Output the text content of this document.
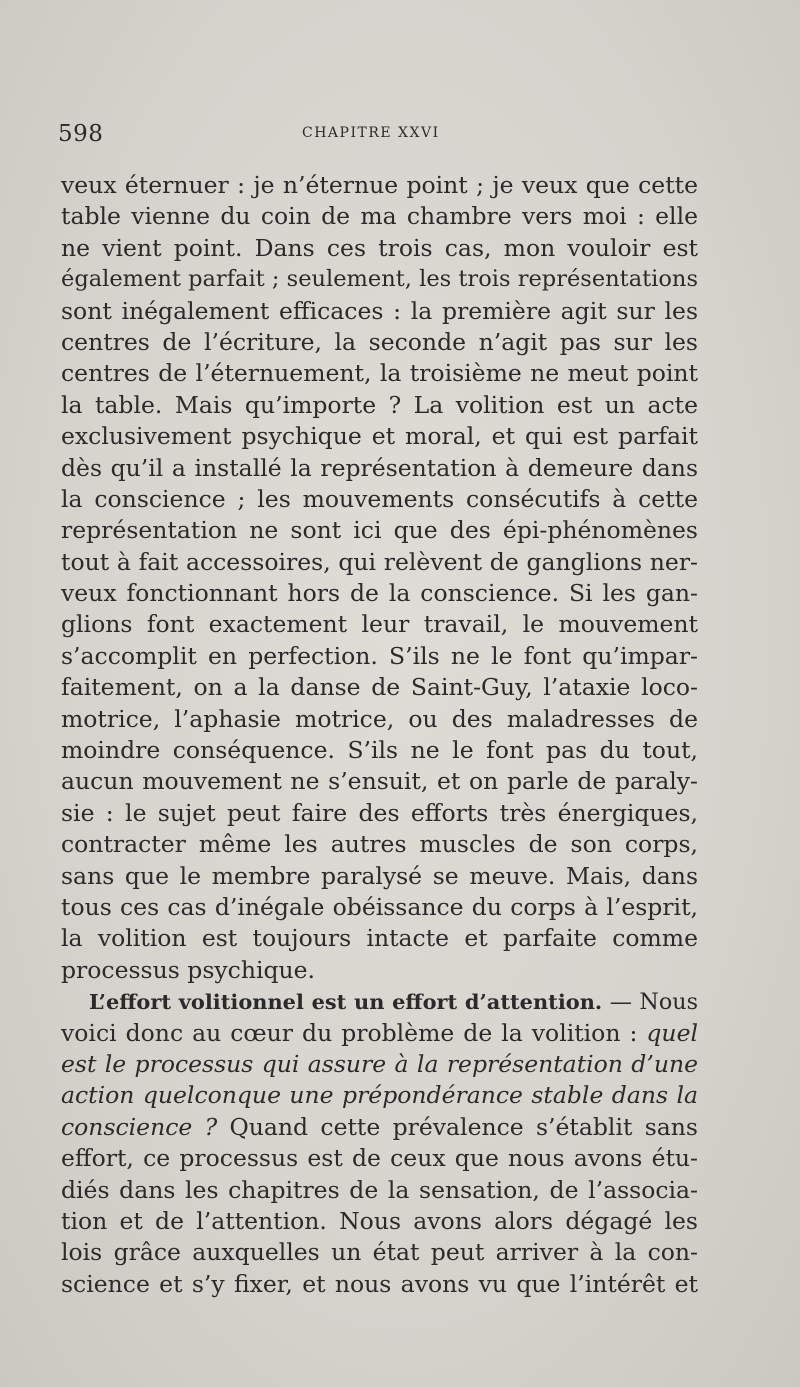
598	CHAPITRE XXVI
veux éternuer : je n’éternue point ; je veux que cette
table vienne du coin de ma chambre vers moi : elle
ne vient point. Dans ces trois cas, mon vouloir est
également parfait ; seulement, les trois représentations
sont inégalement efficaces : la première agit sur les
centres de l’écriture, la seconde n’agit pas sur les
centres de l’éternuement, la troisième ne meut point
la table. Mais qu’importe ? La volition est un acte
exclusivement psychique et moral, et qui est parfait
dès qu’il a installé la représentation à demeure dans
la conscience ; les mouvements consécutifs à cette
représentation ne sont ici que des épi-phénomènes
tout à fait accessoires, qui relèvent de ganglions ner-
veux fonctionnant hors de la conscience. Si les gan-
glions font exactement leur travail, le mouvement
s’accomplit en perfection. S’ils ne le font qu’impar-
faitement, on a la danse de Saint-Guy, l’ataxie loco-
motrice, l’aphasie motrice, ou des maladresses de
moindre conséquence. S’ils ne le font pas du tout,
aucun mouvement ne s’ensuit, et on parle de paraly-
sie : le sujet peut faire des efforts très énergiques,
contracter même les autres muscles de son corps,
sans que le membre paralysé se meuve. Mais, dans
tous ces cas d’inégale obéissance du corps à l’esprit,
la volition est toujours intacte et parfaite comme
processus psychique.
L’effort volitionnel est un effort d’attention. — Nous
voici donc au cœur du problème de la volition : quel
est le processus qui assure à la représentation d’une
action quelconque une prépondérance stable dans la
conscience ? Quand cette prévalence s’établit sans
effort, ce processus est de ceux que nous avons étu-
diés dans les chapitres de la sensation, de l’associa-
tion et de l’attention. Nous avons alors dégagé les
lois grâce auxquelles un état peut arriver à la con-
science et s’y fixer, et nous avons vu que l’intérêt et
